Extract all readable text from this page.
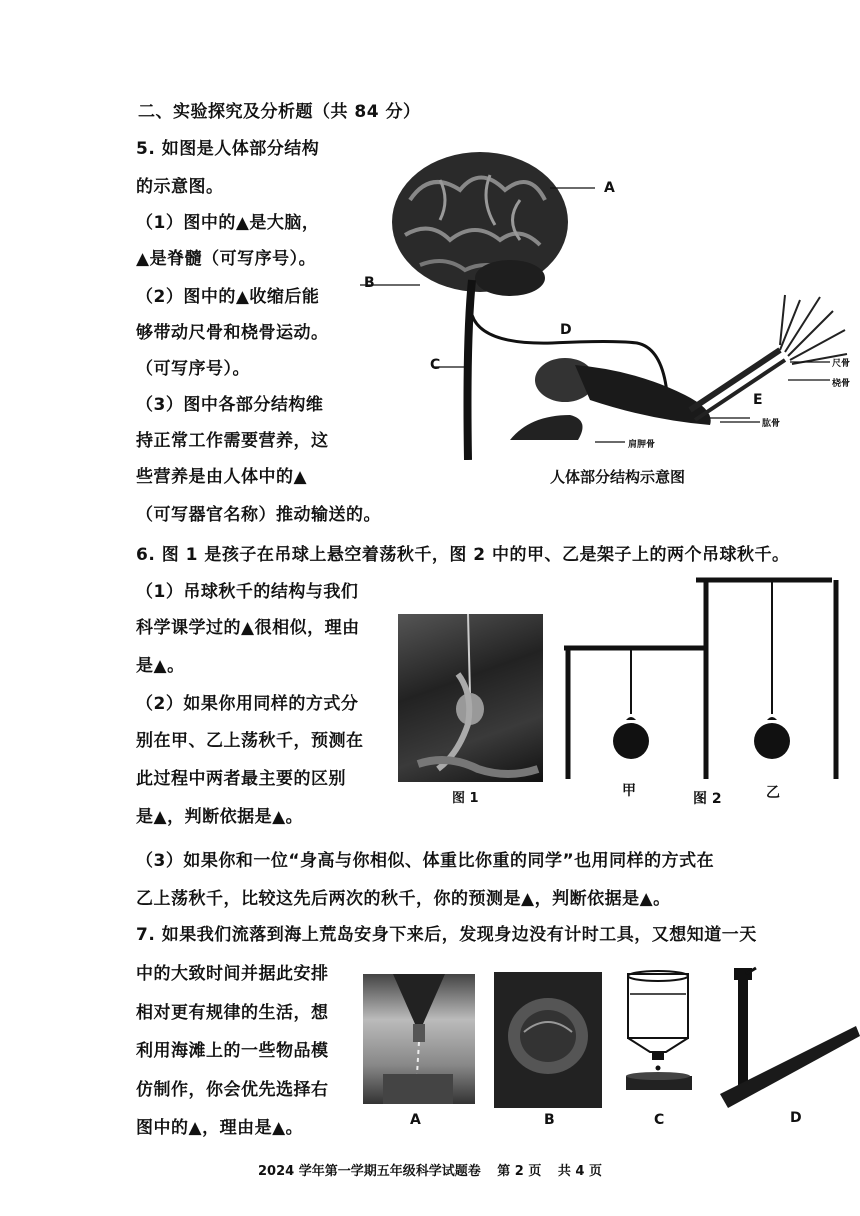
二、实验探究及分析题（共 84 分）
5. 如图是人体部分结构
的示意图。
（1）图中的▲是大脑，
▲是脊髓（可写序号）。
（2）图中的▲收缩后能
够带动尺骨和桡骨运动。
（可写序号）。
（3）图中各部分结构维
持正常工作需要营养，这
些营养是由人体中的▲
（可写器官名称）推动输送的。
A
B
C
D
E
尺骨
桡骨
肱骨
肩胛骨
人体部分结构示意图
6. 图 1 是孩子在吊球上悬空着荡秋千，图 2 中的甲、乙是架子上的两个吊球秋千。
（1）吊球秋千的结构与我们
科学课学过的▲很相似，理由
是▲。
（2）如果你用同样的方式分
别在甲、乙上荡秋千，预测在
此过程中两者最主要的区别
是▲，判断依据是▲。
图 1	甲	图 2	乙
（3）如果你和一位“身高与你相似、体重比你重的同学”也用同样的方式在
乙上荡秋千，比较这先后两次的秋千，你的预测是▲，判断依据是▲。
7. 如果我们流落到海上荒岛安身下来后，发现身边没有计时工具，又想知道一天
中的大致时间并据此安排
相对更有规律的生活，想
利用海滩上的一些物品模
仿制作，你会优先选择右
图中的▲，理由是▲。	A	B	C	D
2024 学年第一学期五年级科学试题卷 第 2 页 共 4 页
